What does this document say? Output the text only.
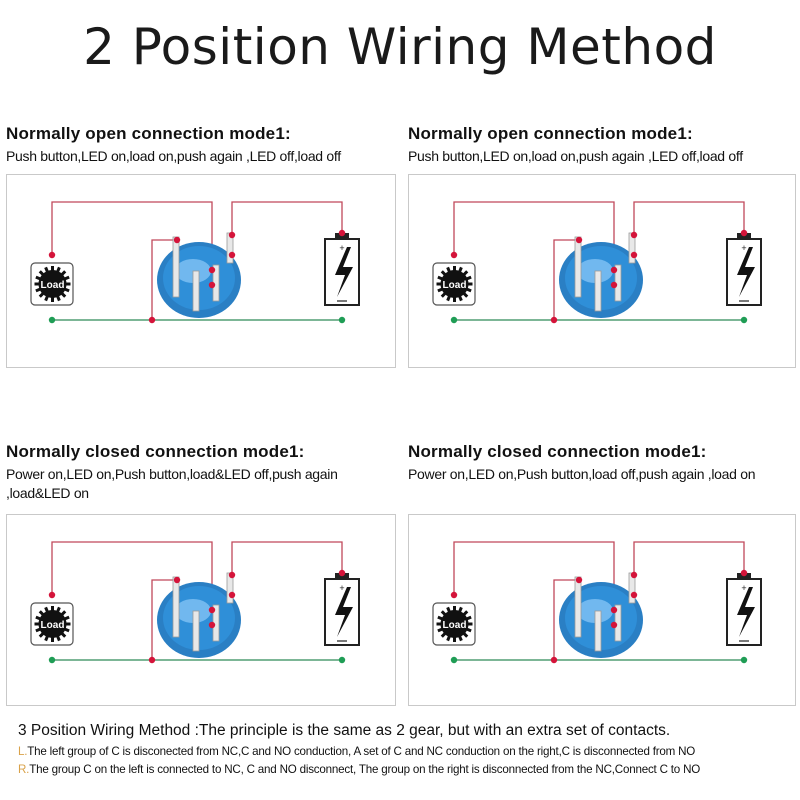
2 Position Wiring Method
Normally open connection mode1:
Push button,LED on,load on,push again ,LED off,load off
Load
+
Normally open connection mode1:
Push button,LED on,load on,push again ,LED off,load off
Load
+
Normally closed connection mode1:
Power on,LED on,Push button,load&LED off,push again ,load&LED on
Load
+
Normally closed connection mode1:
Power on,LED on,Push button,load off,push again ,load on
Load
+
3 Position Wiring Method :The principle is the same as 2 gear, but with an extra set of contacts.
L.The left group of C is disconected from NC,C and NO conduction, A set of C and NC conduction on the right,C is disconnected from NO
R.The group C on the left is connected to NC, C and NO disconnect, The group on the right is disconnected from the NC,Connect C to NO
